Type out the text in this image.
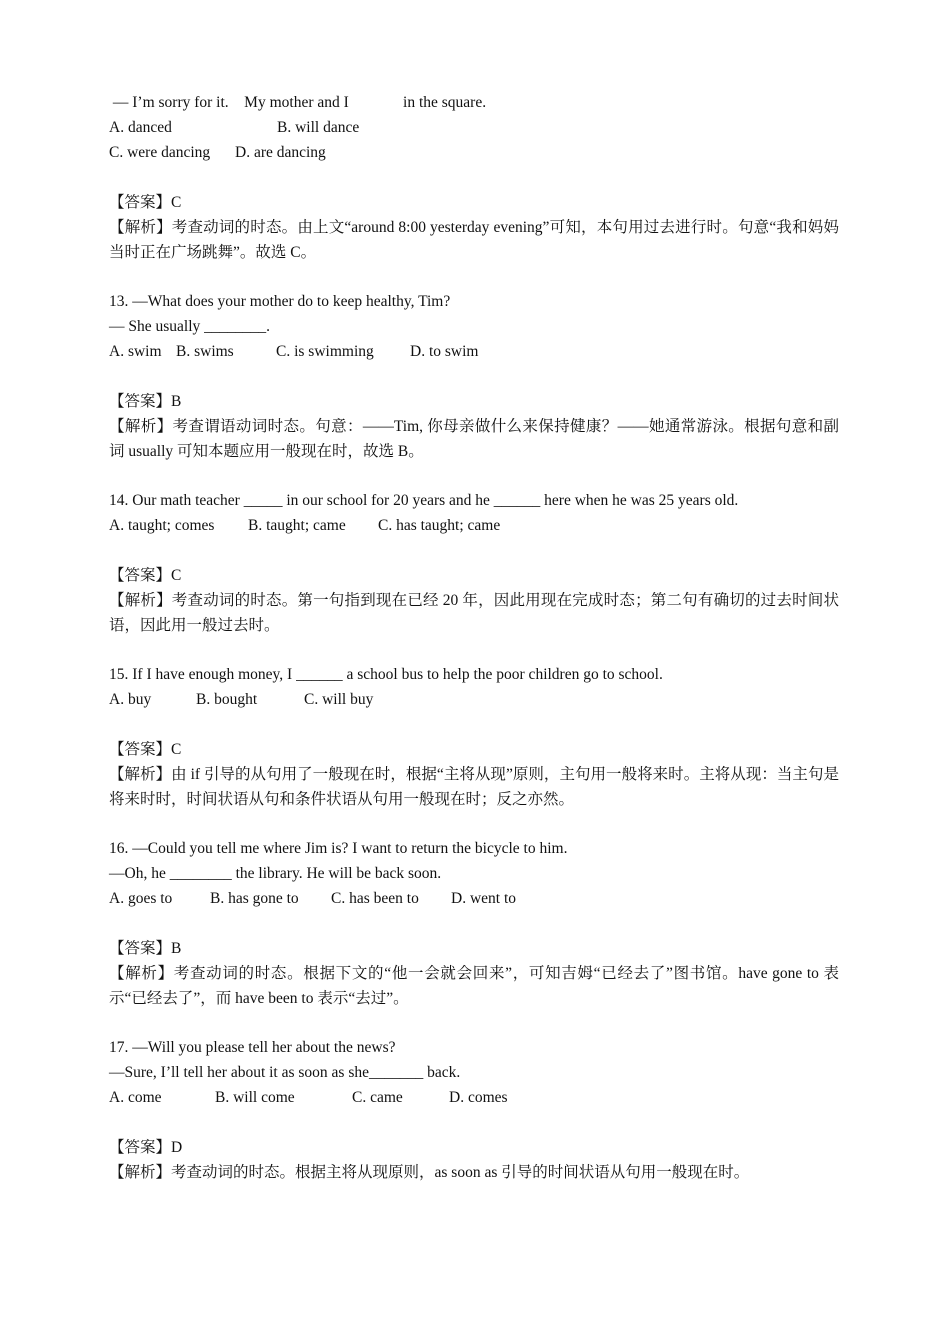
— I’m sorry for it.    My mother and I              in the square.
A. danced	B. will dance
C. were dancing	D. are dancing
【答案】C
【解析】考查动词的时态。由上文“around 8:00 yesterday evening”可知，本句用过去进行时。句意“我和妈妈当时正在广场跳舞”。故选 C。
13. —What does your mother do to keep healthy, Tim?
— She usually ________.
A. swim B. swims	C. is swimming	D. to swim
【答案】B
【解析】考查谓语动词时态。句意：——Tim, 你母亲做什么来保持健康？——她通常游泳。根据句意和副词 usually 可知本题应用一般现在时，故选 B。
14. Our math teacher _____ in our school for 20 years and he ______ here when he was 25 years old.
A. taught; comes	B. taught; came	C. has taught; came
【答案】C
【解析】考查动词的时态。第一句指到现在已经 20 年，因此用现在完成时态；第二句有确切的过去时间状语，因此用一般过去时。
15. If I have enough money, I ______ a school bus to help the poor children go to school.
A. buy	B. bought	C. will buy
【答案】C
【解析】由 if 引导的从句用了一般现在时，根据“主将从现”原则，主句用一般将来时。主将从现：当主句是将来时时，时间状语从句和条件状语从句用一般现在时；反之亦然。
16. —Could you tell me where Jim is? I want to return the bicycle to him.
—Oh, he ________ the library. He will be back soon.
A. goes to	B. has gone to	C. has been to	D. went to
【答案】B
【解析】考查动词的时态。根据下文的“他一会就会回来”，可知吉姆“已经去了”图书馆。have gone to 表示“已经去了”，而 have been to 表示“去过”。
17. —Will you please tell her about the news?
—Sure, I’ll tell her about it as soon as she_______ back.
A. come	B. will come	C. came	D. comes
【答案】D
【解析】考查动词的时态。根据主将从现原则，as soon as 引导的时间状语从句用一般现在时。
